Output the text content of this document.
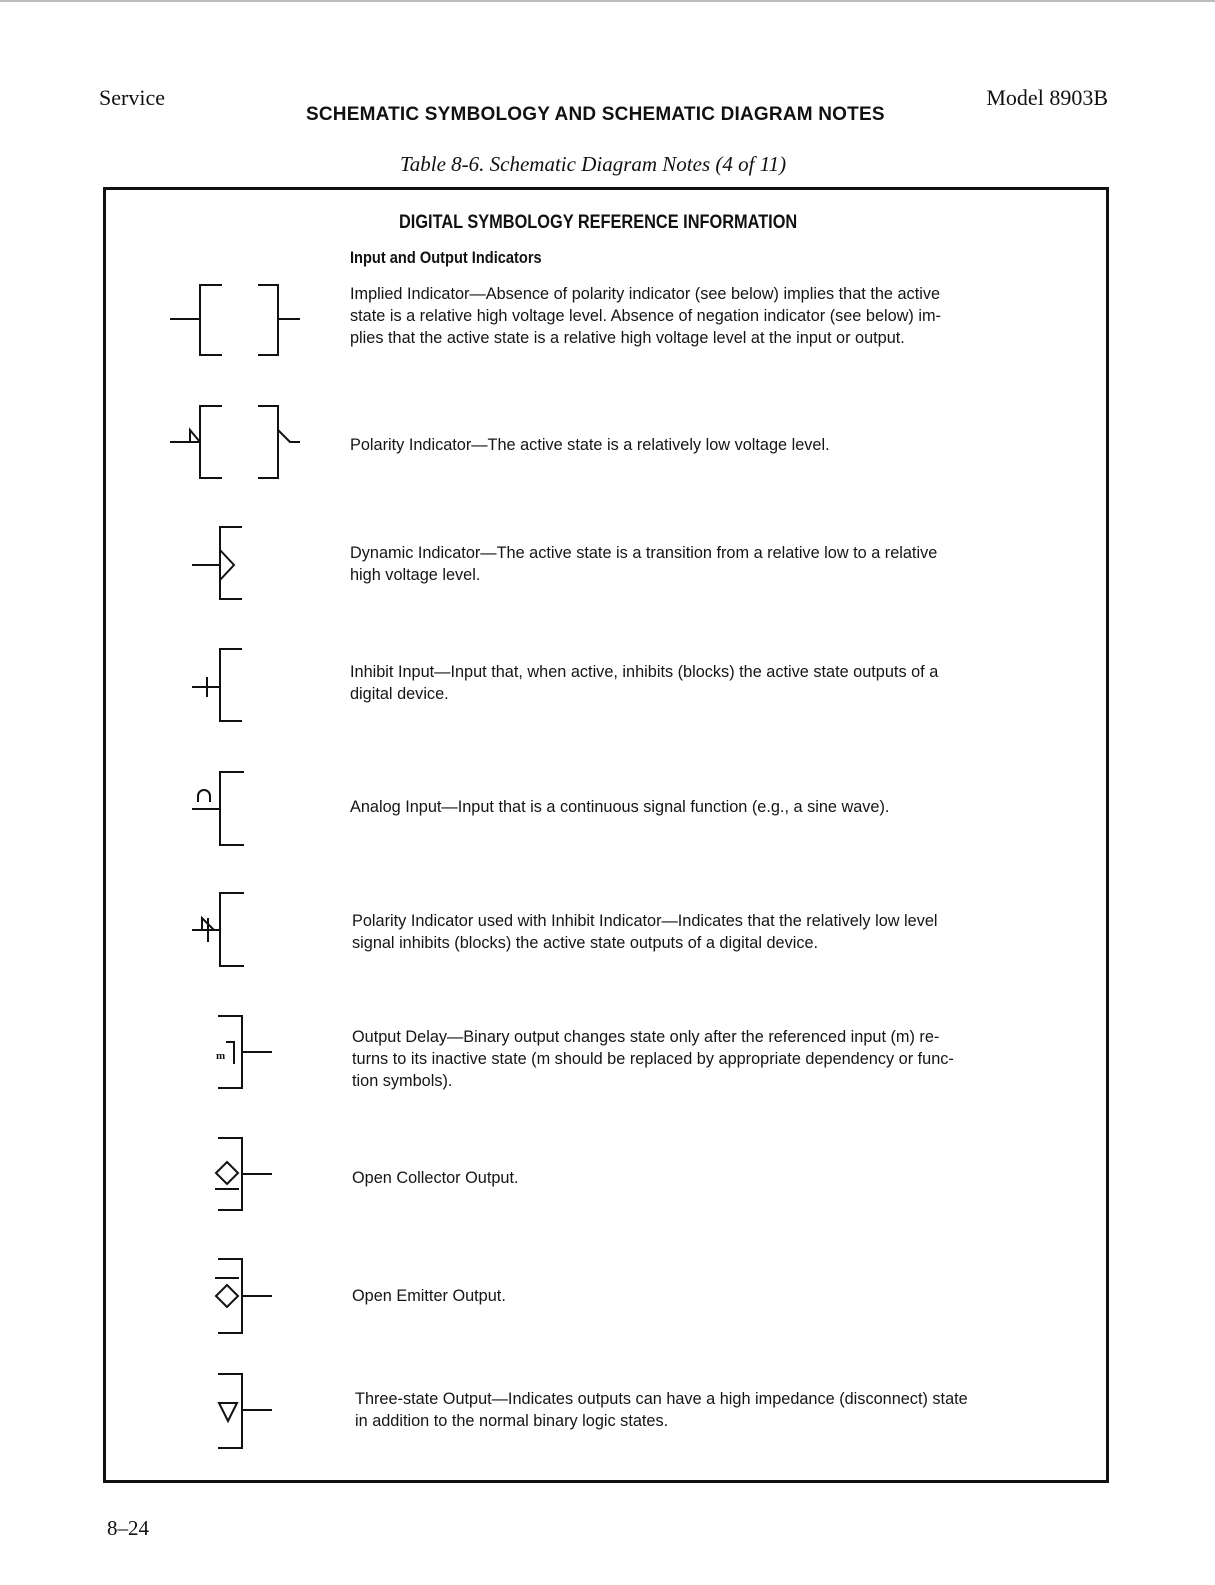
Service	Model 8903B
SCHEMATIC SYMBOLOGY AND SCHEMATIC DIAGRAM NOTES
Table 8-6. Schematic Diagram Notes (4 of 11)
DIGITAL SYMBOLOGY REFERENCE INFORMATION
Input and Output Indicators
Implied Indicator—Absence of polarity indicator (see below) implies that the active
state is a relative high voltage level. Absence of negation indicator (see below) im-
plies that the active state is a relative high voltage level at the input or output.
Polarity Indicator—The active state is a relatively low voltage level.
Dynamic Indicator—The active state is a transition from a relative low to a relative
high voltage level.
Inhibit Input—Input that, when active, inhibits (blocks) the active state outputs of a
digital device.
Analog Input—Input that is a continuous signal function (e.g., a sine wave).
Polarity Indicator used with Inhibit Indicator—Indicates that the relatively low level
signal inhibits (blocks) the active state outputs of a digital device.
m
Output Delay—Binary output changes state only after the referenced input (m) re-
turns to its inactive state (m should be replaced by appropriate dependency or func-
tion symbols).
Open Collector Output.
Open Emitter Output.
Three-state Output—Indicates outputs can have a high impedance (disconnect) state
in addition to the normal binary logic states.
8–24
